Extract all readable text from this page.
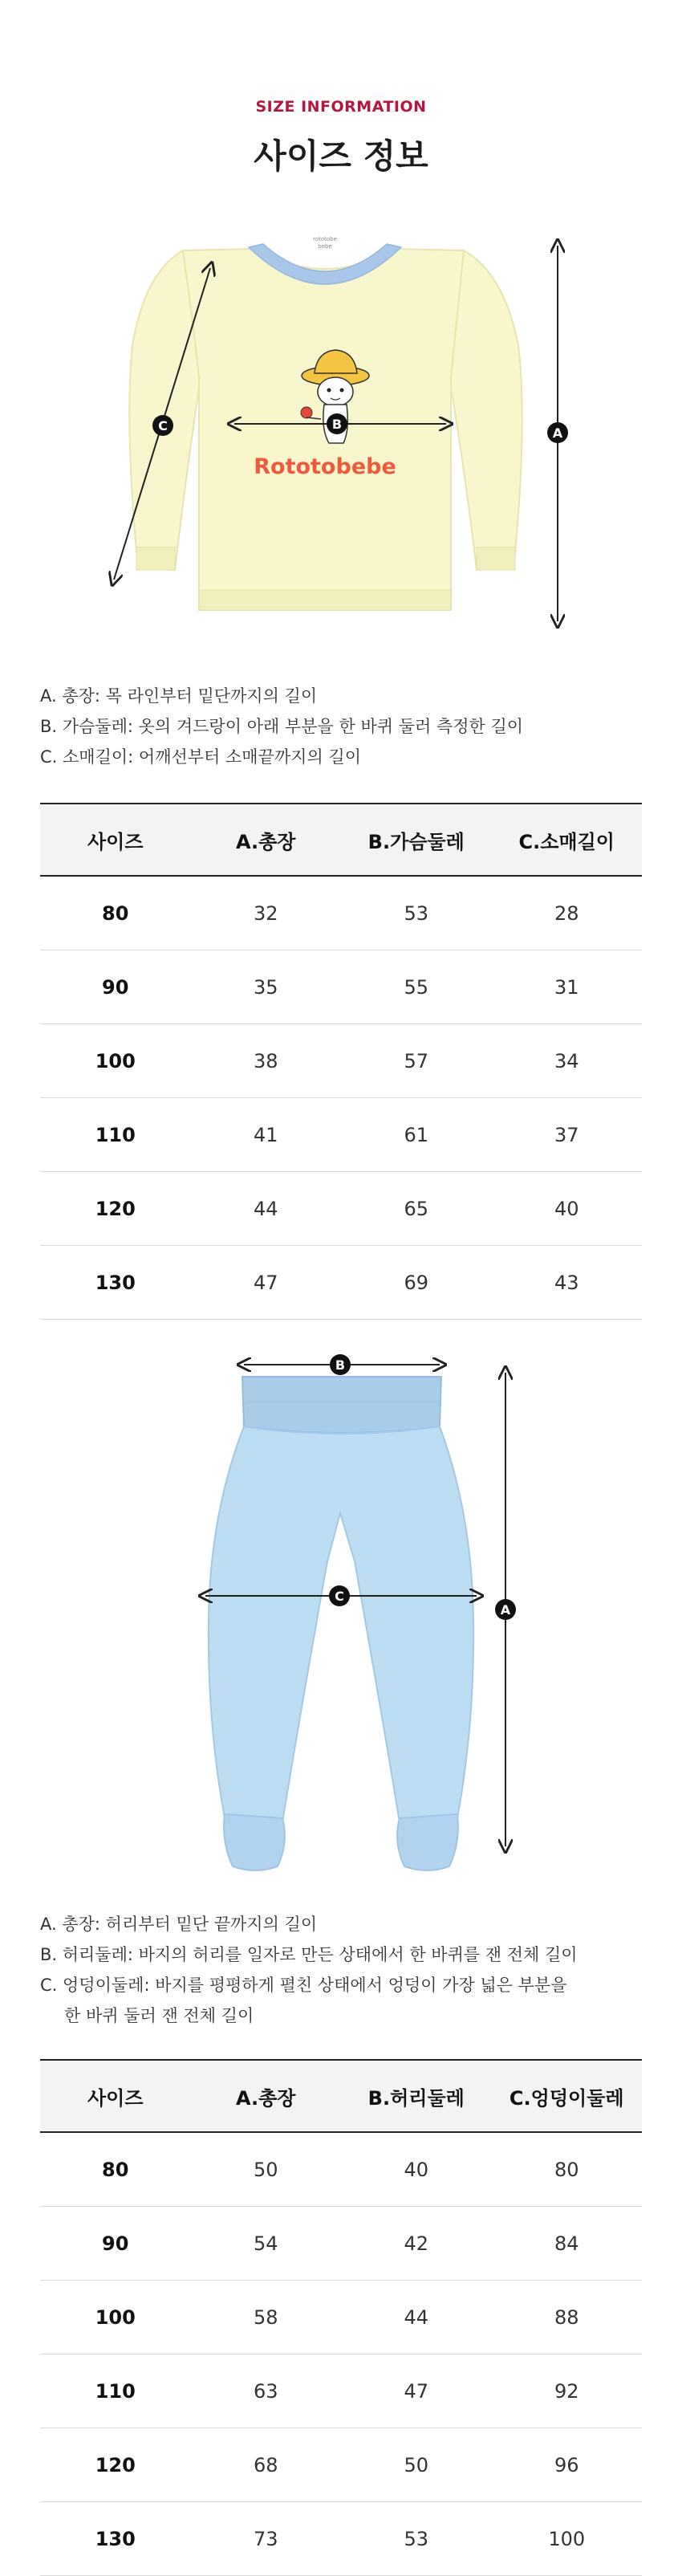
SIZE INFORMATION
사이즈 정보
rototobe
bebe
Rototobebe
B
C	A

A. 총장: 목 라인부터 밑단까지의 길이

B. 가슴둘레: 옷의 겨드랑이 아래 부분을 한 바퀴 둘러 측정한 길이

C. 소매길이: 어깨선부터 소매끝까지의 길이

사이즈	A.총장	B.가슴둘레	C.소매길이
80	32	53	28
90	35	55	31
100	38	57	34
110	41	61	37
120	44	65	40
130	47	69	43
B
C
A

A. 총장: 허리부터 밑단 끝까지의 길이

B. 허리둘레: 바지의 허리를 일자로 만든 상태에서 한 바퀴를 잰 전체 길이

C. 엉덩이둘레: 바지를 평평하게 펼친 상태에서 엉덩이 가장 넓은 부분을

한 바퀴 둘러 잰 전체 길이

사이즈	A.총장	B.허리둘레	C.엉덩이둘레
80	50	40	80
90	54	42	84
100	58	44	88
110	63	47	92
120	68	50	96
130	73	53	100
